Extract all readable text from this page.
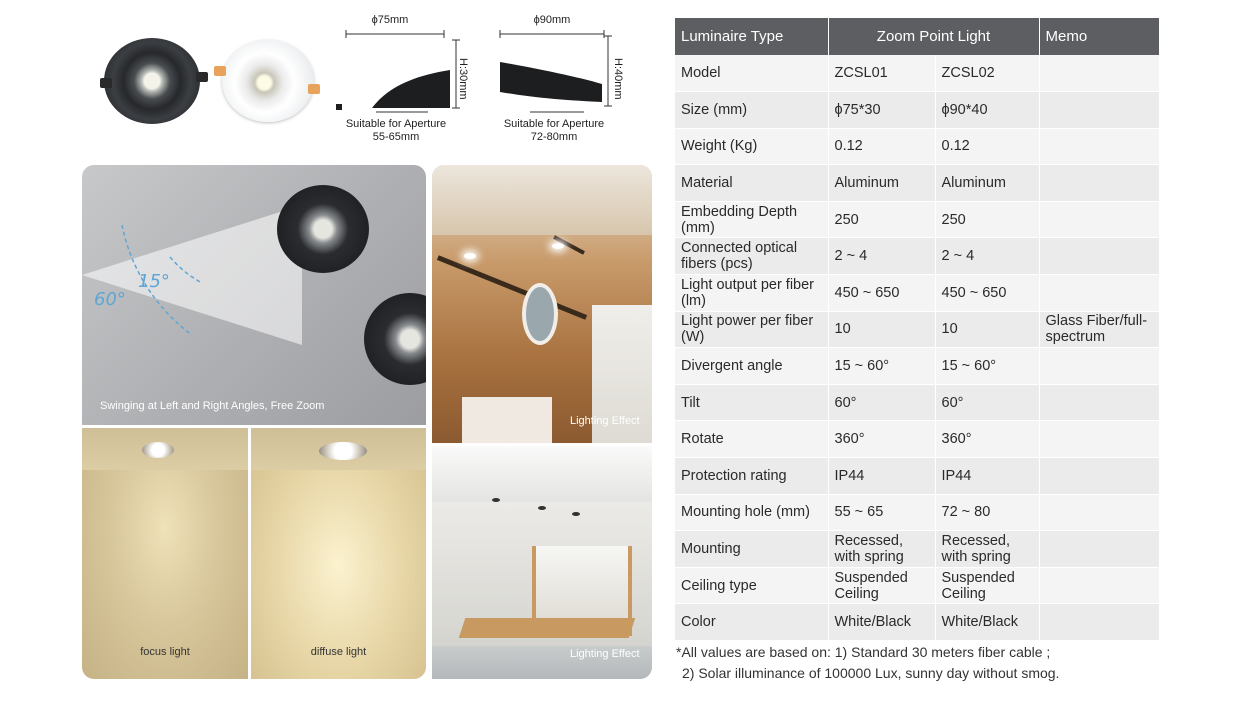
ϕ75mm
H:30mm
Suitable for Aperture
55-65mm
ϕ90mm
H:40mm
Suitable for Aperture
72-80mm
15°
60°
Swinging at Left and Right Angles, Free Zoom
focus light	diffuse light
Lighting Effect
Lighting Effect
Luminaire Type	Zoom Point Light		Memo
Model	ZCSL01	ZCSL02	
Size (mm)	ϕ75*30	ϕ90*40	
Weight (Kg)	0.12	0.12	
Material	Aluminum	Aluminum	
Embedding Depth (mm)	250	250	
Connected optical fibers (pcs)	2 ~ 4	2 ~ 4	
Light output per fiber (lm)	450 ~ 650	450 ~ 650	
Light power per fiber (W)	10	10	Glass Fiber/full-spectrum
Divergent angle	15 ~ 60°	15 ~ 60°	
Tilt	60°	60°	
Rotate	360°	360°	
Protection rating	IP44	IP44	
Mounting hole (mm)	55 ~ 65	72 ~ 80	
Mounting	Recessed, with spring	Recessed, with spring	
Ceiling type	Suspended Ceiling	Suspended Ceiling	
Color	White/Black	White/Black	
*All values are based on: 1) Standard 30 meters fiber cable ;
2) Solar illuminance of 100000 Lux, sunny day without smog.
